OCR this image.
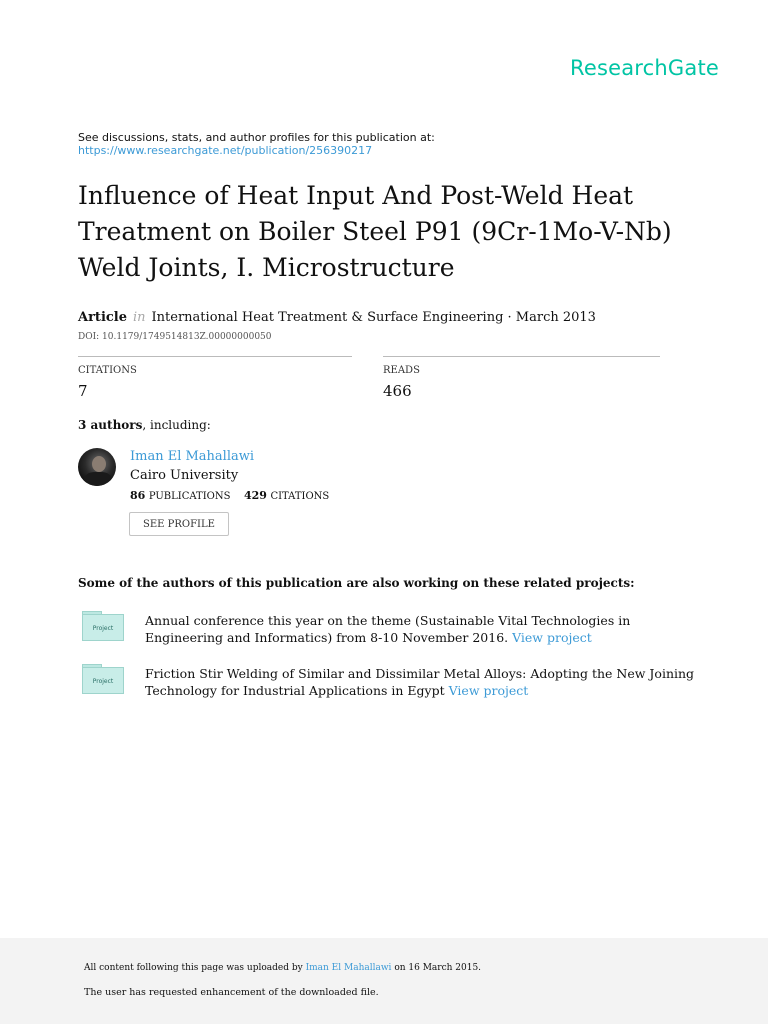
ResearchGate
See discussions, stats, and author profiles for this publication at:
https://www.researchgate.net/publication/256390217
Influence of Heat Input And Post-Weld Heat Treatment on Boiler Steel P91 (9Cr-1Mo-V-Nb) Weld Joints, I. Microstructure
Article in International Heat Treatment & Surface Engineering · March 2013
DOI: 10.1179/1749514813Z.00000000050
CITATIONS
7
READS
466
3 authors, including:
Iman El Mahallawi
Cairo University
86 PUBLICATIONS 429 CITATIONS
SEE PROFILE
Some of the authors of this publication are also working on these related projects:
Project
Annual conference this year on the theme (Sustainable Vital Technologies in Engineering and Informatics) from 8-10 November 2016. View project
Project
Friction Stir Welding of Similar and Dissimilar Metal Alloys: Adopting the New Joining Technology for Industrial Applications in Egypt View project
All content following this page was uploaded by Iman El Mahallawi on 16 March 2015.
The user has requested enhancement of the downloaded file.
